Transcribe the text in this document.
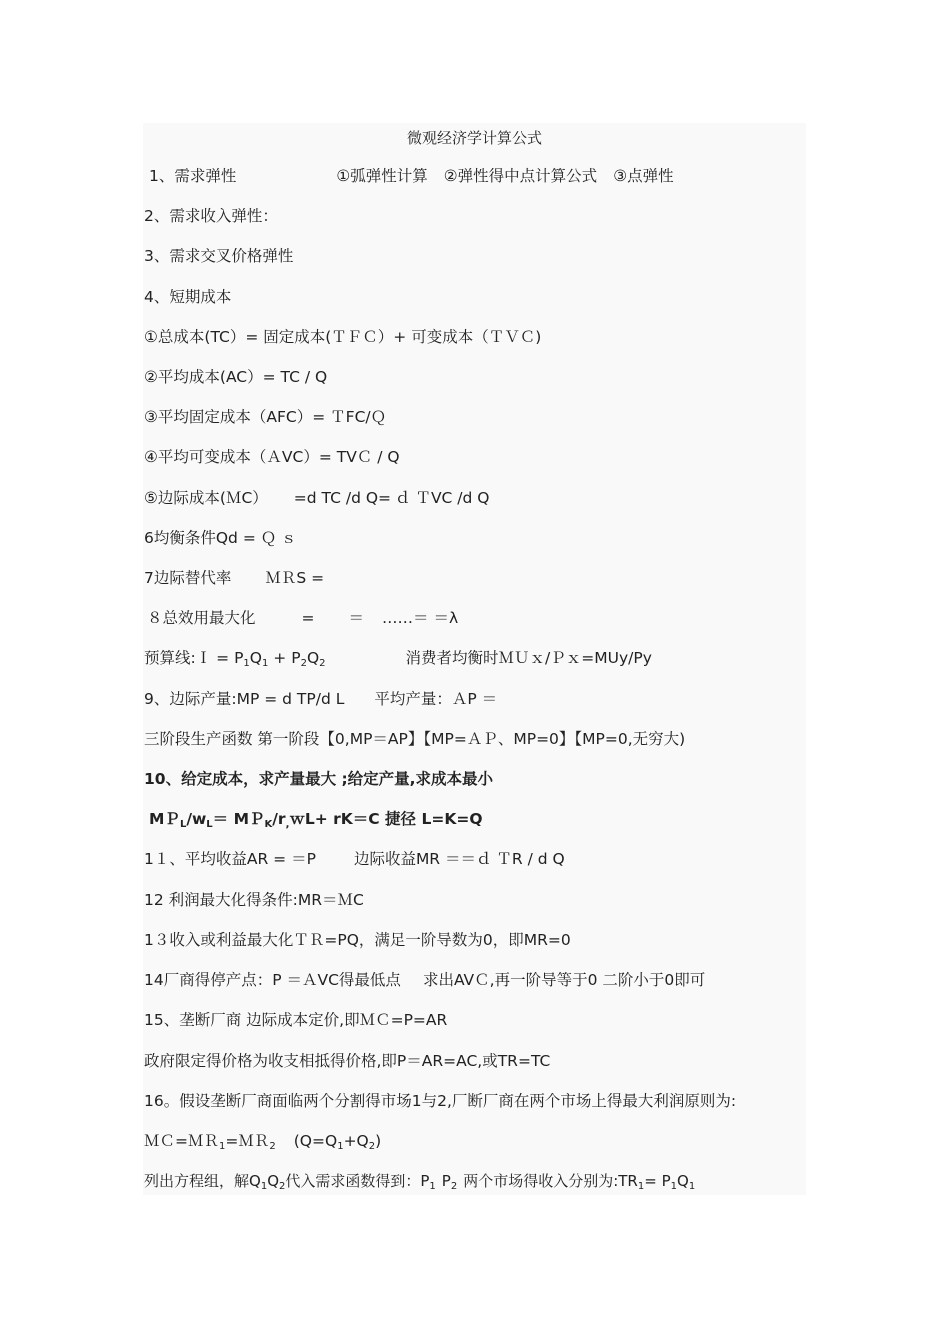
微观经济学计算公式
1、需求弹性	①弧弹性计算 ②弹性得中点计算公式 ③点弹性
2、需求收入弹性：
3、需求交叉价格弹性
4、短期成本
①总成本(TC）= 固定成本(ＴＦＣ）+ 可变成本（ＴＶＣ)
②平均成本(AC）= TC / Q
③平均固定成本（AFC）= ＴFC/Ｑ
④平均可变成本（ＡVC）= TVＣ / Q
⑤边际成本(ＭC） =d TC /d Q= ｄ ＴVC /d Q
6均衡条件Qd = Ｑ ｓ
7边际替代率 ＭＲS =
８总效用最大化	= ＝ ……＝ ＝λ
预算线:Ｉ = $P_1Q_1 + P_2Q_2$	消费者均衡时ＭＵｘ/Ｐｘ=MUy/Py
9、边际产量:MP = d TP/d L 平均产量：ＡP ＝
三阶段生产函数 第一阶段【0,MP＝AP】【MP=ＡＰ、MP=0】【MP=0,无穷大)
10、给定成本，求产量最大 ;给定产量,求成本最小
$MP_L/w_L=$ $MP_K/r_,wL+ rK=C$ 捷径 L=K=Q
1１、平均收益AR = ＝P 边际收益MR ＝＝ｄ ＴR / d Q
12 利润最大化得条件:MR＝ＭC
1３收入或利益最大化ＴＲ=PQ，满足一阶导数为0，即MR=0
14厂商得停产点：P ＝ＡVC得最低点 求出AVＣ,再一阶导等于0 二阶小于0即可
15、垄断厂商 边际成本定价,即ＭＣ=P=AR
政府限定得价格为收支相抵得价格,即P＝AR=AC,或TR=TC
16。假设垄断厂商面临两个分割得市场1与2,厂断厂商在两个市场上得最大利润原则为:
ＭＣ=ＭＲ$_1$=ＭＲ$_2$ $(Q=Q_1+Q_2)$
列出方程组，解$Q_1Q_2$代入需求函数得到：$P_1$ $P_2$ 两个市场得收入分别为$:TR_1= P_1Q_1$
